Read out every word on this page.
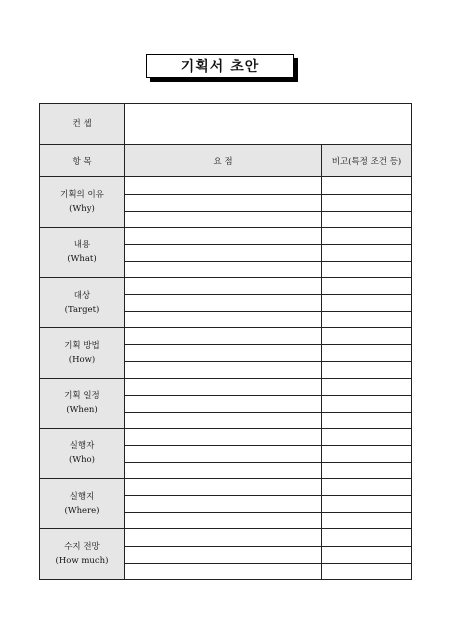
기획서 초안
컨 셉		
항 목	요 점	비고(특정 조건 등)

기획의 이유
(Why)		

내용
(What)		

대상
(Target)		

기획 방법
(How)		

기획 일정
(When)		

실행자
(Who)		

실행지
(Where)		

수지 전망
(How much)		
